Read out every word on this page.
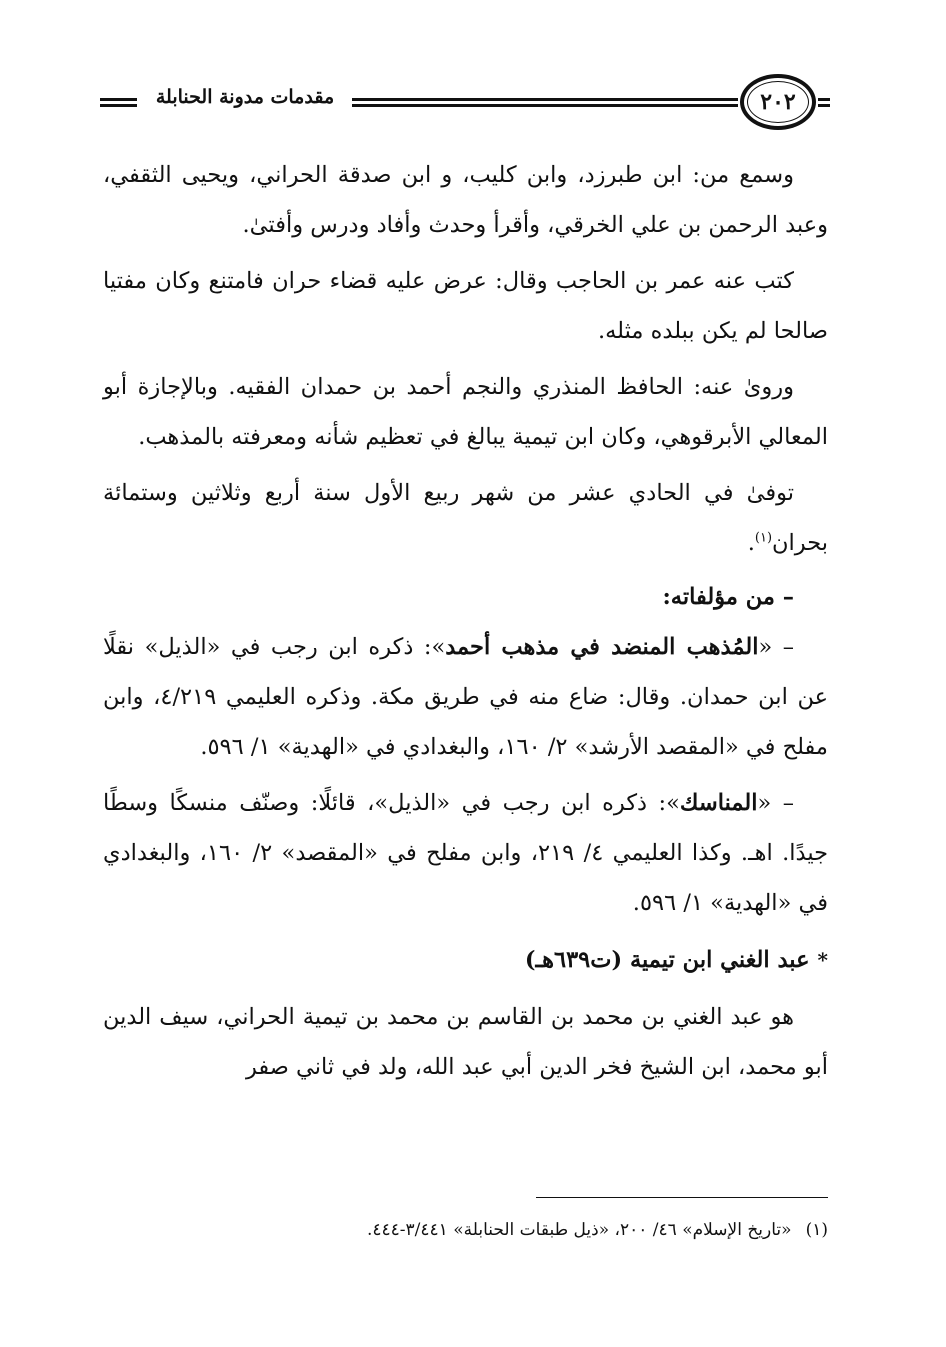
مقدمات مدونة الحنابلة	٢٠٢

وسمع من: ابن طبرزد، وابن كليب، و ابن صدقة الحراني، ويحيى الثقفي، وعبد الرحمن بن علي الخرقي، وأقرأ وحدث وأفاد ودرس وأفتىٰ.

كتب عنه عمر بن الحاجب وقال: عرض عليه قضاء حران فامتنع وكان مفتيا صالحا لم يكن ببلده مثله.

وروىٰ عنه: الحافظ المنذري والنجم أحمد بن حمدان الفقيه. وبالإجازة أبو المعالي الأبرقوهي، وكان ابن تيمية يبالغ في تعظيم شأنه ومعرفته بالمذهب.

توفىٰ في الحادي عشر من شهر ربيع الأول سنة أربع وثلاثين وستمائة بحران$^{(١)}$.

– من مؤلفاته:

– «المُذهب المنضد في مذهب أحمد»: ذكره ابن رجب في «الذيل» نقلًا عن ابن حمدان. وقال: ضاع منه في طريق مكة. وذكره العليمي ٤/٢١٩، وابن مفلح في «المقصد الأرشد» ٢/ ١٦٠، والبغدادي في «الهدية» ١/ ٥٩٦.

– «المناسك»: ذكره ابن رجب في «الذيل»، قائلًا: وصنّف منسكًا وسطًا جيدًا. اهـ. وكذا العليمي ٤/ ٢١٩، وابن مفلح في «المقصد» ٢/ ١٦٠، والبغدادي في «الهدية» ١/ ٥٩٦.

*عبد الغني ابن تيمية (ت٦٣٩هـ)

هو عبد الغني بن محمد بن القاسم بن محمد بن تيمية الحراني، سيف الدين أبو محمد، ابن الشيخ فخر الدين أبي عبد الله، ولد في ثاني صفر

(١)«تاريخ الإسلام» ٤٦/ ٢٠٠، «ذيل طبقات الحنابلة» ٣/٤٤١-٤٤٤.
